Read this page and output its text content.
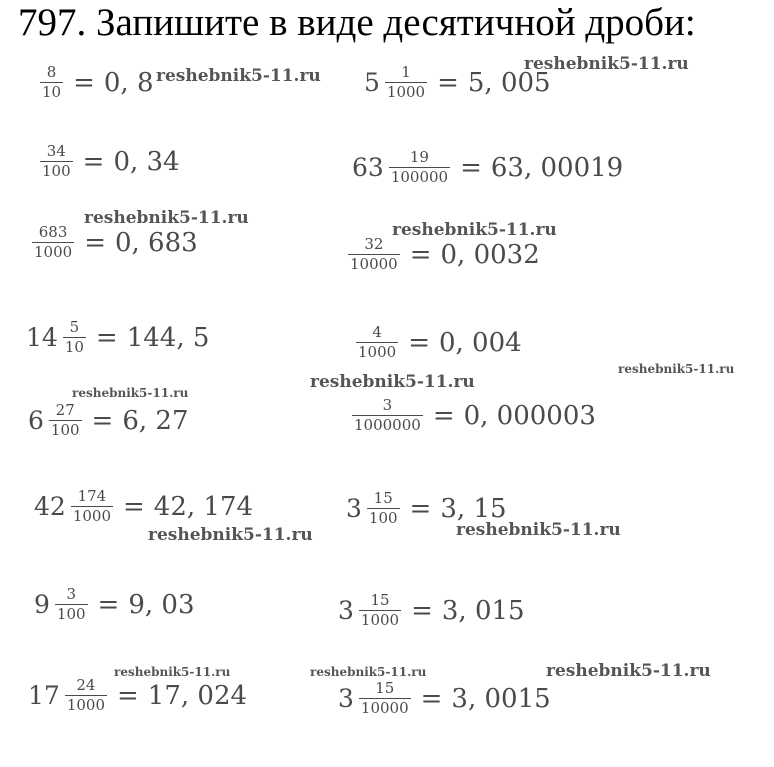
797. Запишите в виде десятичной дроби:
$\frac{8}{10} = 0$, 8	$5 \frac{1}{1000} = 5$, 005
$\frac{34}{100} = 0$, 34	$63 \frac{19}{100000} = 63$, 00019
$\frac{683}{1000} = 0$, 683	$\frac{32}{10000} = 0$, 0032
$14 \frac{5}{10} = 144$, 5	$\frac{4}{1000} = 0$, 004
$6 \frac{27}{100} = 6$, 27	$\frac{3}{1000000} = 0$, 000003
$42 \frac{174}{1000} = 42$, 174	$3 \frac{15}{100} = 3$, 15
$9 \frac{3}{100} = 9$, 03	$3 \frac{15}{1000} = 3$, 015
$17 \frac{24}{1000} = 17$, 024	$3 \frac{15}{10000} = 3$, 0015
reshebnik5-11.ru
reshebnik5-11.ru
reshebnik5-11.ru
reshebnik5-11.ru
reshebnik5-11.ru
reshebnik5-11.ru
reshebnik5-11.ru
reshebnik5-11.ru	reshebnik5-11.ru
reshebnik5-11.ru	reshebnik5-11.ru	reshebnik5-11.ru
